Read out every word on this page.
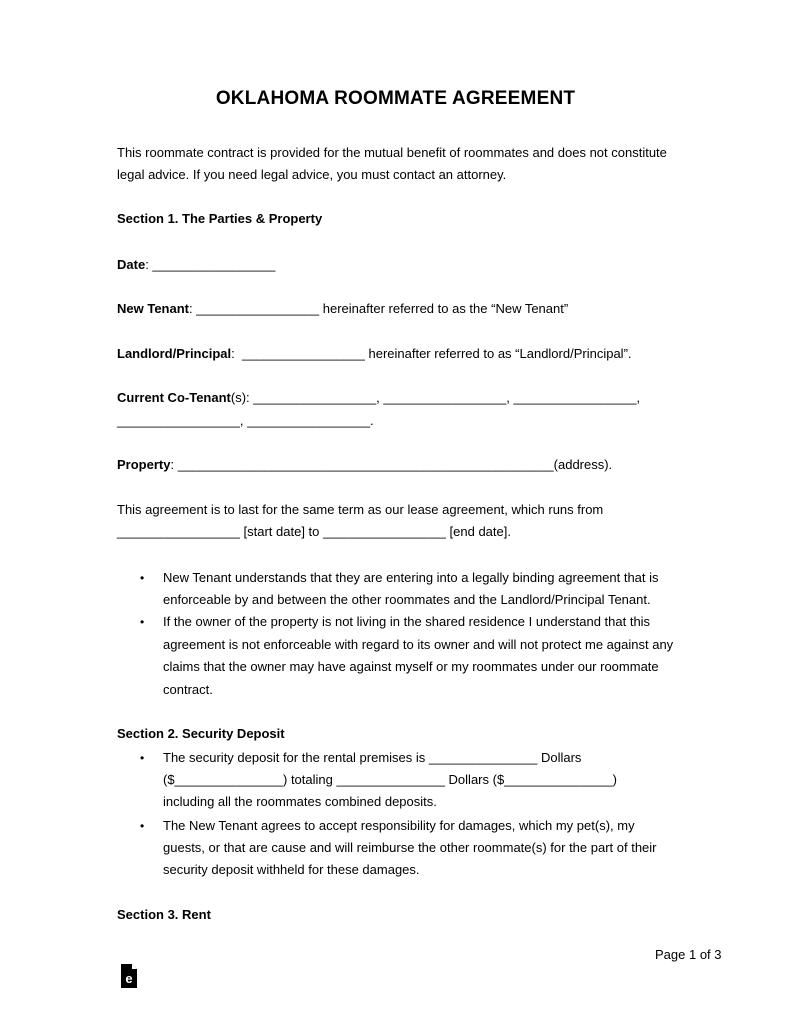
OKLAHOMA ROOMMATE AGREEMENT
This roommate contract is provided for the mutual benefit of roommates and does not constitute
legal advice. If you need legal advice, you must contact an attorney.
Section 1. The Parties & Property
Date: _________________
New Tenant: _________________ hereinafter referred to as the “New Tenant”
Landlord/Principal:  _________________ hereinafter referred to as “Landlord/Principal”.
Current Co-Tenant(s): _________________, _________________, _________________,
_________________, _________________.
Property: ____________________________________________________(address).
This agreement is to last for the same term as our lease agreement, which runs from
_________________ [start date] to _________________ [end date].
• New Tenant understands that they are entering into a legally binding agreement that is
enforceable by and between the other roommates and the Landlord/Principal Tenant.
• If the owner of the property is not living in the shared residence I understand that this
agreement is not enforceable with regard to its owner and will not protect me against any
claims that the owner may have against myself or my roommates under our roommate
contract.
Section 2. Security Deposit
• The security deposit for the rental premises is _______________ Dollars
($_______________) totaling _______________ Dollars ($_______________)
including all the roommates combined deposits.
• The New Tenant agrees to accept responsibility for damages, which my pet(s), my
guests, or that are cause and will reimburse the other roommate(s) for the part of their
security deposit withheld for these damages.
Section 3. Rent
Page 1 of 3
e
